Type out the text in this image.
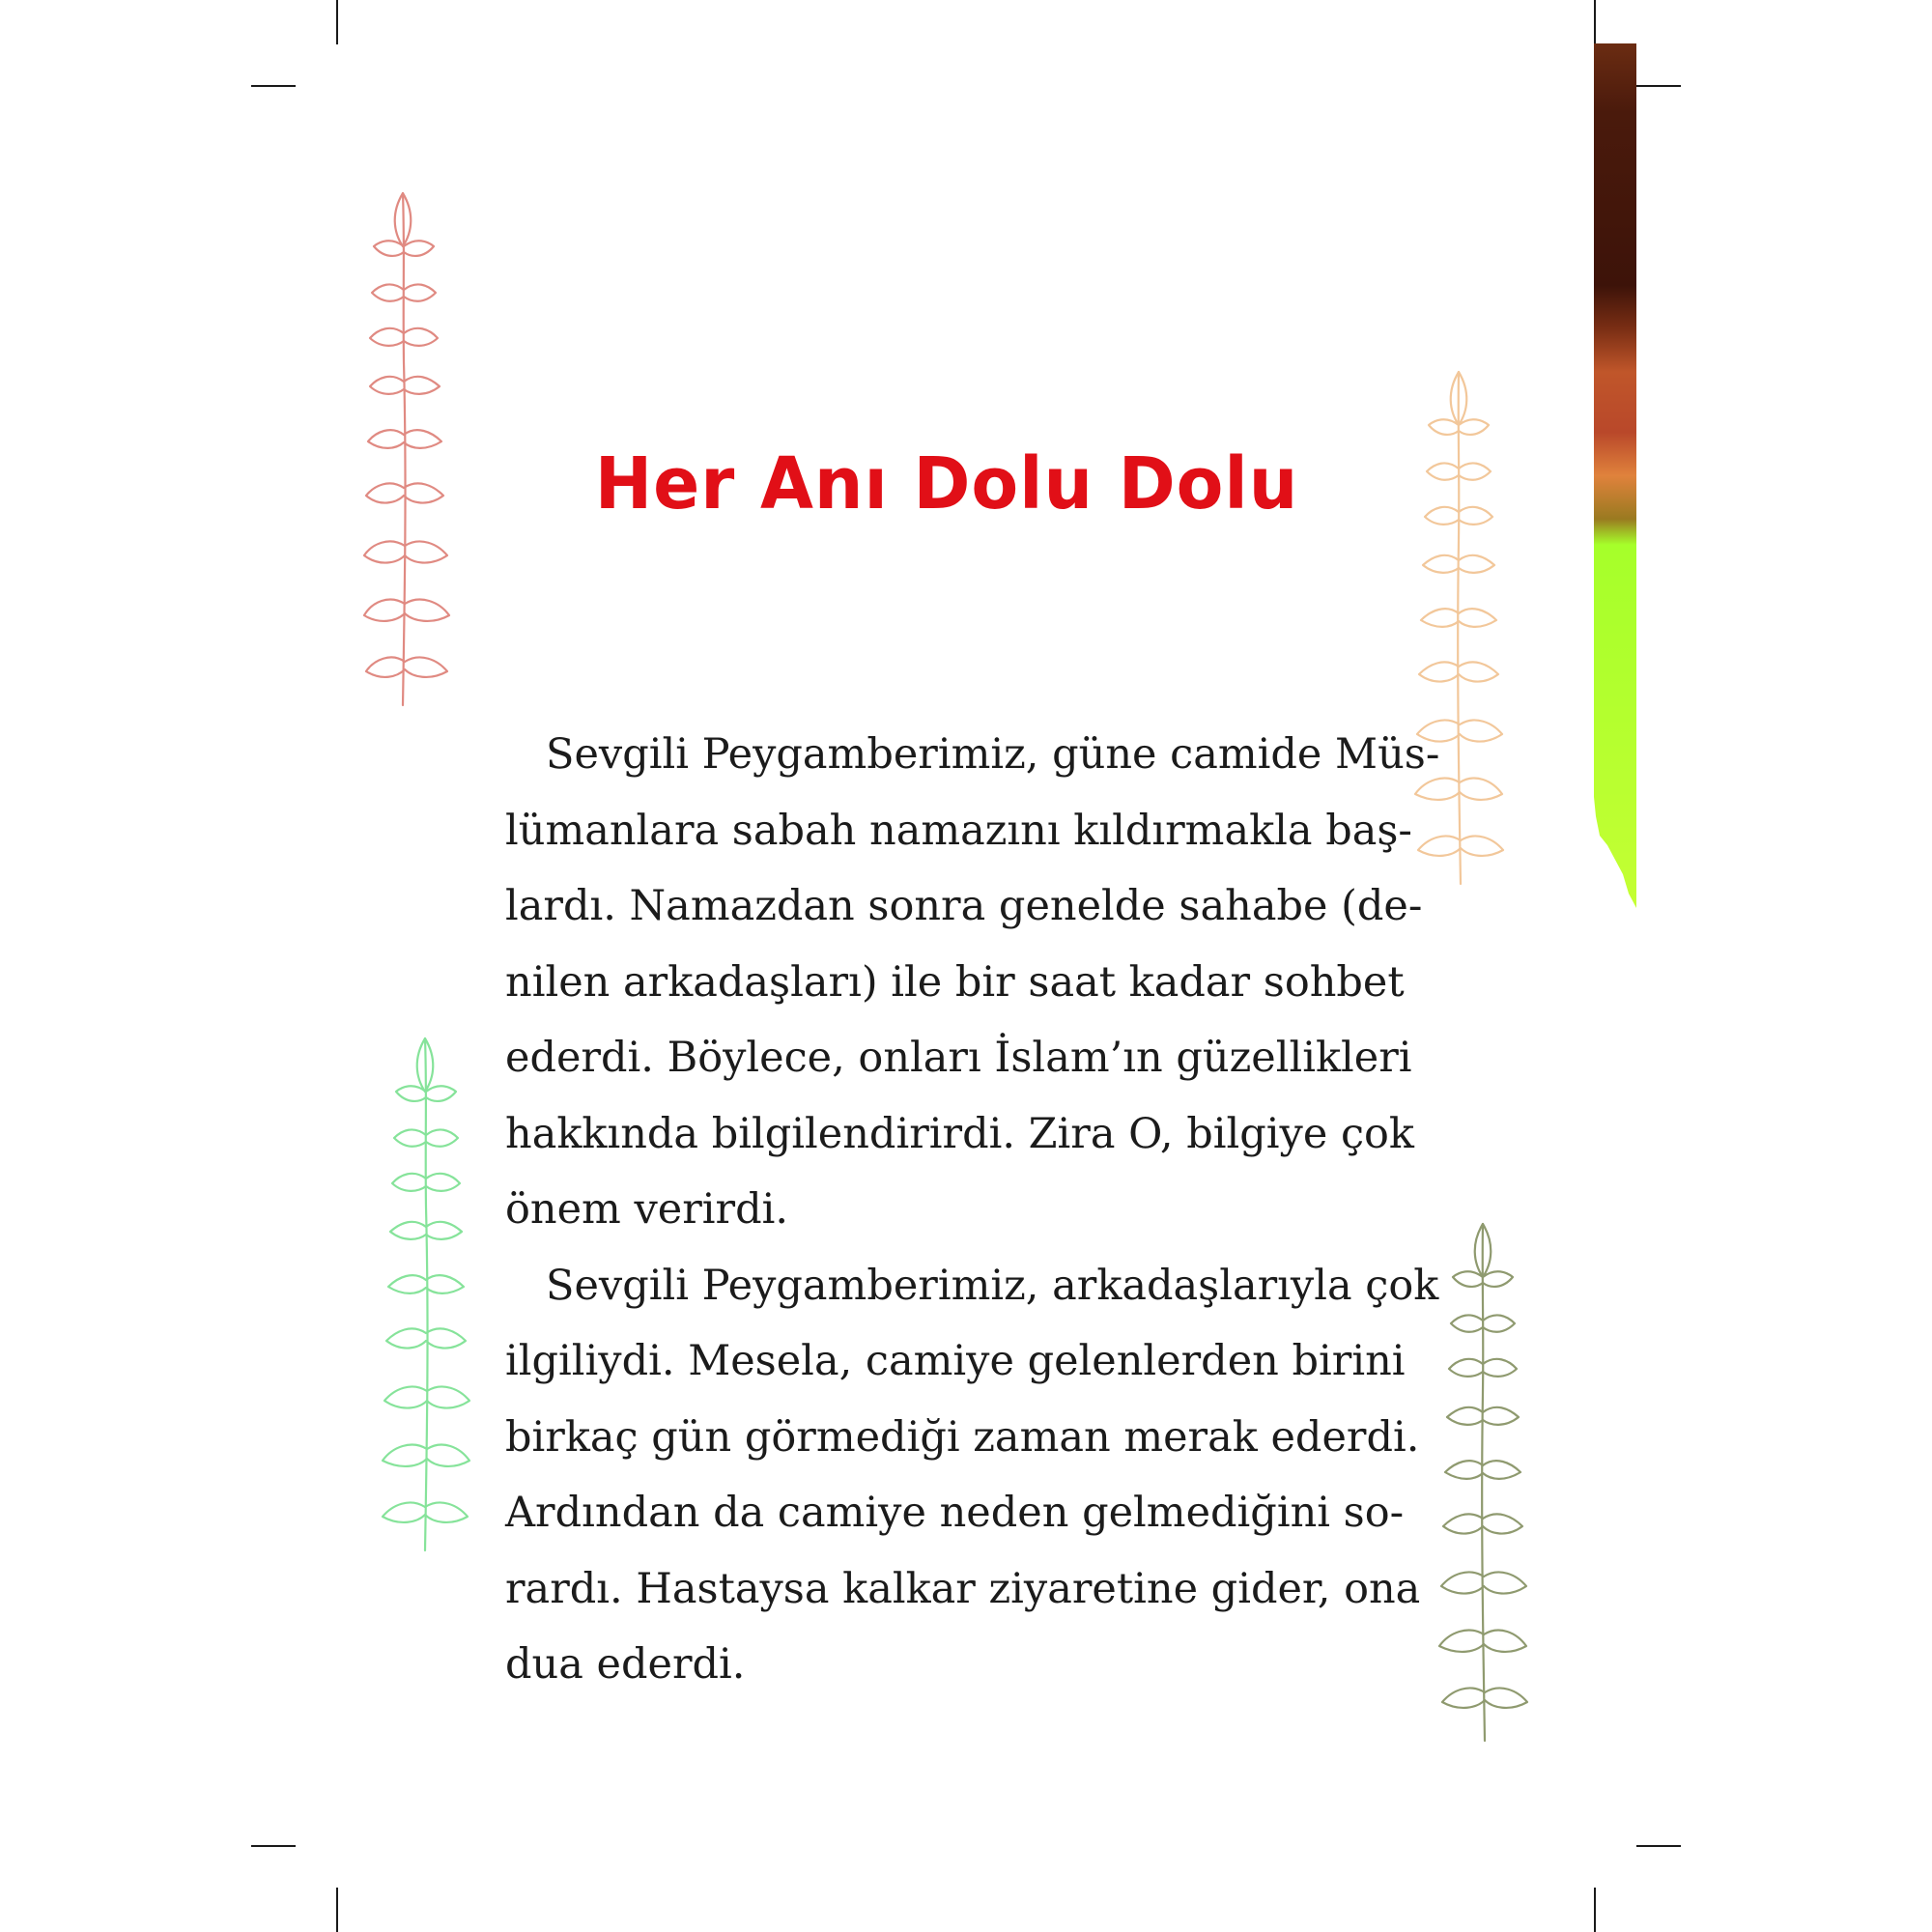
Her Anı Dolu Dolu
Sevgili Peygamberimiz, güne camide Müs-
lümanlara sabah namazını kıldırmakla baş-
lardı. Namazdan sonra genelde sahabe (de-
nilen arkadaşları) ile bir saat kadar sohbet
ederdi. Böylece, onları İslam’ın güzellikleri
hakkında bilgilendirirdi. Zira O, bilgiye çok
önem verirdi.
Sevgili Peygamberimiz, arkadaşlarıyla çok
ilgiliydi. Mesela, camiye gelenlerden birini
birkaç gün görmediği zaman merak ederdi.
Ardından da camiye neden gelmediğini so-
rardı. Hastaysa kalkar ziyaretine gider, ona
dua ederdi.
